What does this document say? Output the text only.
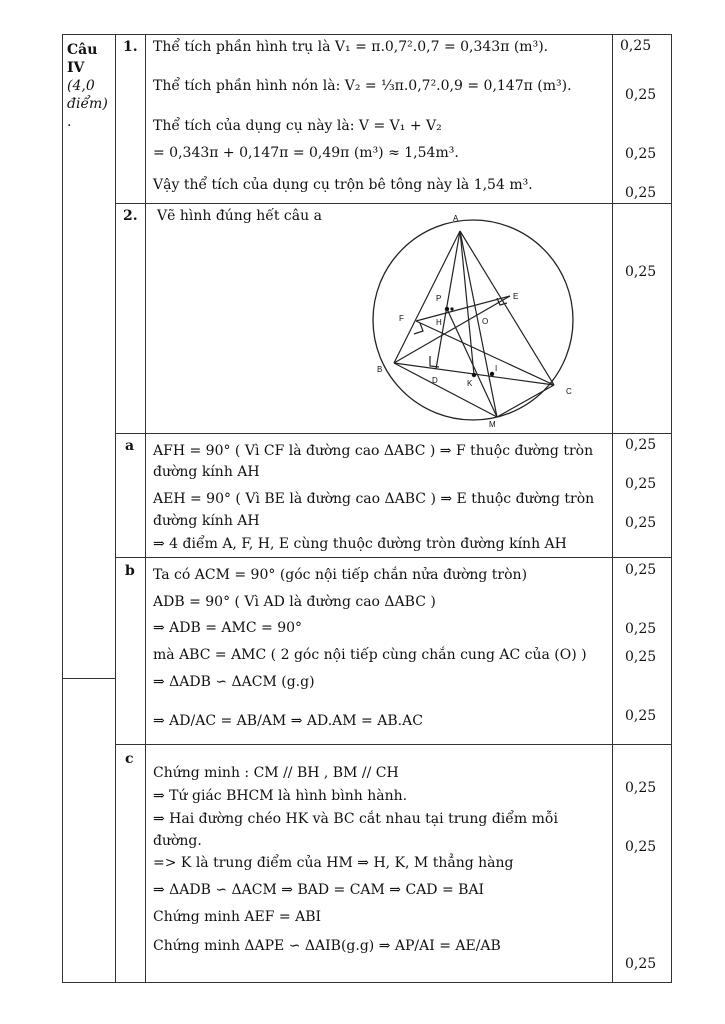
Câu IV
(4,0 điểm)
.
1. Thể tích phần hình trụ là V₁ = π.0,7².0,7 = 0,343π (m³).
Thể tích phần hình nón là: V₂ = ⅓π.0,7².0,9 = 0,147π (m³).
Thể tích của dụng cụ này là: V = V₁ + V₂
= 0,343π + 0,147π = 0,49π (m³) ≈ 1,54m³.
Vậy thể tích của dụng cụ trộn bê tông này là 1,54 m³.
0,25
0,25
0,25
0,25
2. Vẽ hình đúng hết câu a
0,25
A
B
C
D
E
F	H
K
I
M
O
P
a AFH = 90° ( Vì CF là đường cao ΔABC ) ⇒ F thuộc đường tròn
đường kính AH
AEH = 90° ( Vì BE là đường cao ΔABC ) ⇒ E thuộc đường tròn
đường kính AH
⇒ 4 điểm A, F, H, E cùng thuộc đường tròn đường kính AH
0,25
0,25
0,25
b Ta có ACM = 90° (góc nội tiếp chắn nửa đường tròn)
ADB = 90° ( Vì AD là đường cao ΔABC )
⇒ ADB = AMC = 90°
mà ABC = AMC ( 2 góc nội tiếp cùng chắn cung AC của (O) )
⇒ ΔADB ∽ ΔACM (g.g)
⇒ AD/AC = AB/AM ⇒ AD.AM = AB.AC
0,25
0,25
0,25
0,25
c
Chứng minh : CM // BH , BM // CH
⇒ Tứ giác BHCM là hình bình hành.
⇒ Hai đường chéo HK và BC cắt nhau tại trung điểm mỗi
đường.
=> K là trung điểm của HM ⇒ H, K, M thẳng hàng
⇒ ΔADB ∽ ΔACM ⇒ BAD = CAM ⇒ CAD = BAI
Chứng minh AEF = ABI
Chứng minh ΔAPE ∽ ΔAIB(g.g) ⇒ AP/AI = AE/AB
0,25
0,25
0,25
